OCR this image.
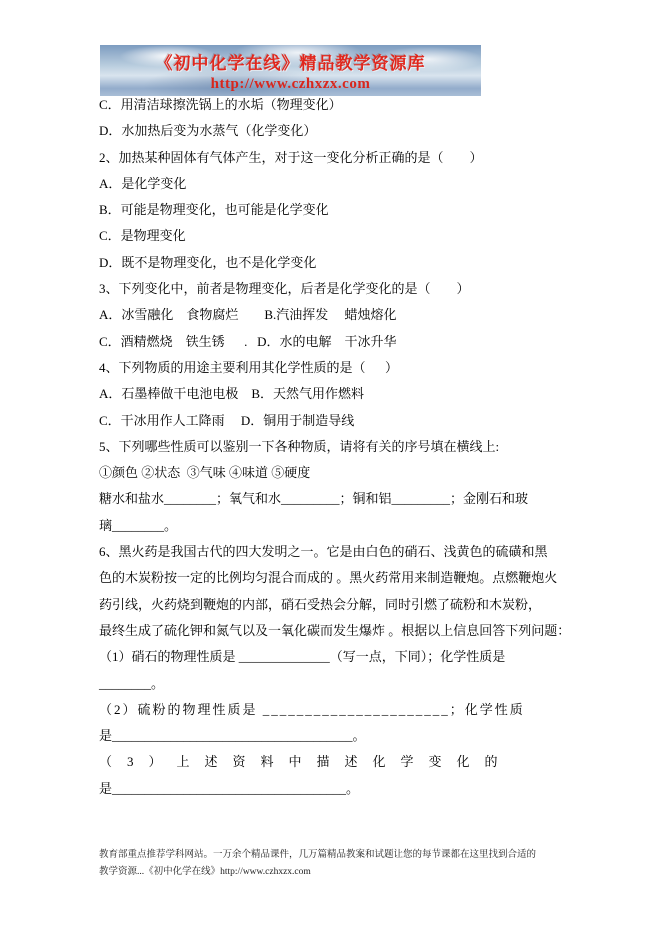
《初中化学在线》精品教学资源库
http://www.czhxzx.com
C．用清洁球擦洗锅上的水垢（物理变化）
D．水加热后变为水蒸气（化学变化）
2、加热某种固体有气体产生，对于这一变化分析正确的是（        ）
A．是化学变化
B．可能是物理变化，也可能是化学变化
C．是物理变化
D．既不是物理变化，也不是化学变化
3、下列变化中，前者是物理变化，后者是化学变化的是（        ）
A．冰雪融化    食物腐烂        B.汽油挥发     蜡烛熔化
C．酒精燃烧    铁生锈      .   D．水的电解    干冰升华
4、下列物质的用途主要利用其化学性质的是（      ）
A．石墨棒做干电池电极    B．天然气用作燃料
C．干冰用作人工降雨     D．铜用于制造导线
5、下列哪些性质可以鉴别一下各种物质，请将有关的序号填在横线上:
①颜色 ②状态  ③气味 ④味道 ⑤硬度
糖水和盐水________；氧气和水_________；铜和铝_________；金刚石和玻
璃________。
6、黑火药是我国古代的四大发明之一。它是由白色的硝石、浅黄色的硫磺和黑
色的木炭粉按一定的比例均匀混合而成的 。黑火药常用来制造鞭炮。点燃鞭炮火
药引线，火药烧到鞭炮的内部，硝石受热会分解，同时引燃了硫粉和木炭粉，
最终生成了硫化钾和氮气以及一氧化碳而发生爆炸 。根据以上信息回答下列问题：
（1）硝石的物理性质是 ______________（写一点，下同）；化学性质是
________。
（2）硫粉的物理性质是 ______________________；化学性质
是_____________________________________。
（3）上述资料中描述化学变化的
是____________________________________。
教育部重点推荐学科网站。一万余个精品课件，几万篇精品教案和试题让您的每节课都在这里找到合适的
教学资源...《初中化学在线》http://www.czhxzx.com
